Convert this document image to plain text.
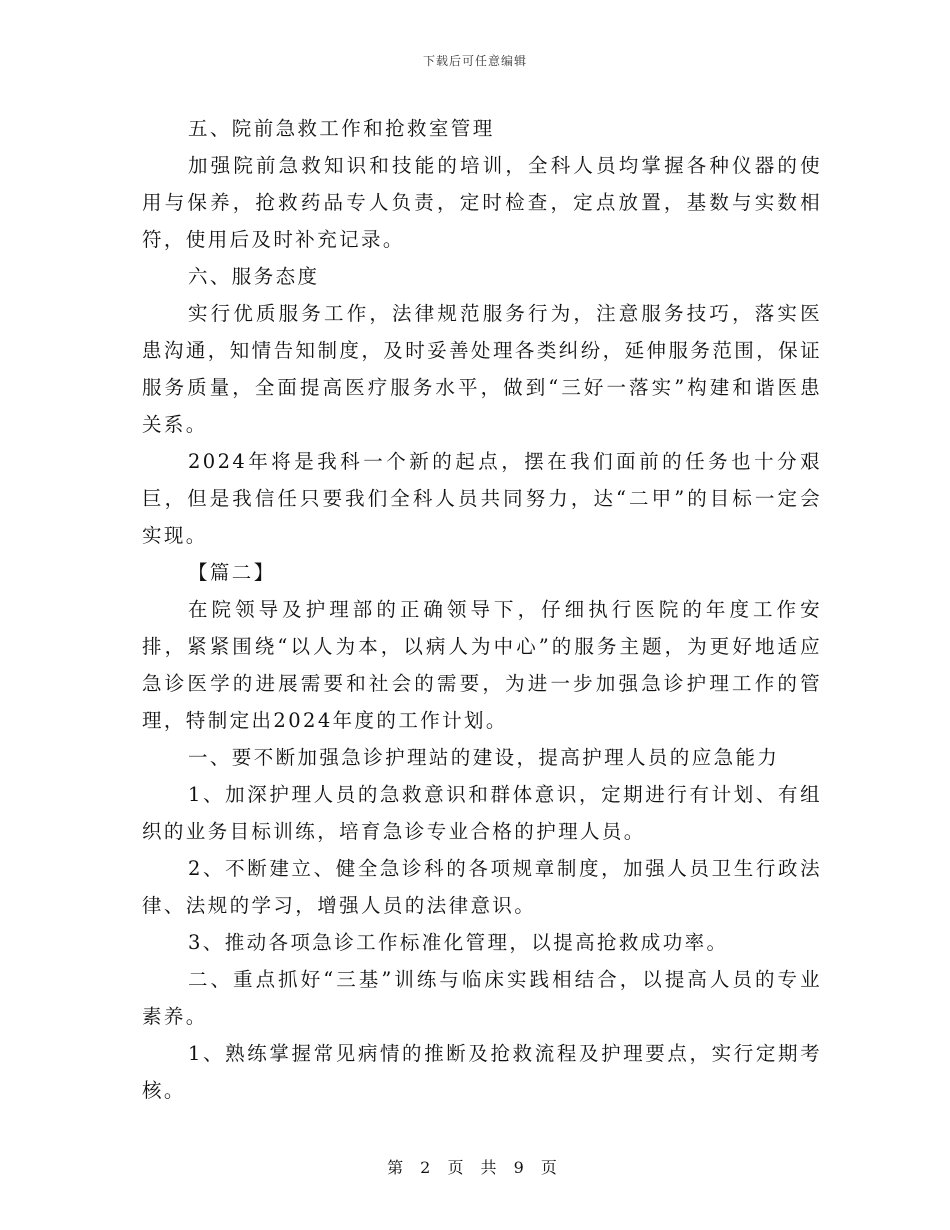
下载后可任意编辑

五、院前急救工作和抢救室管理

加强院前急救知识和技能的培训，全科人员均掌握各种仪器的使用与保养，抢救药品专人负责，定时检查，定点放置，基数与实数相符，使用后及时补充记录。

六、服务态度

实行优质服务工作，法律规范服务行为，注意服务技巧，落实医患沟通，知情告知制度，及时妥善处理各类纠纷，延伸服务范围，保证服务质量，全面提高医疗服务水平，做到“三好一落实”构建和谐医患关系。

2024年将是我科一个新的起点，摆在我们面前的任务也十分艰巨，但是我信任只要我们全科人员共同努力，达“二甲”的目标一定会实现。

【篇二】

在院领导及护理部的正确领导下，仔细执行医院的年度工作安排，紧紧围绕“以人为本，以病人为中心”的服务主题，为更好地适应急诊医学的进展需要和社会的需要，为进一步加强急诊护理工作的管理，特制定出2024年度的工作计划。

一、要不断加强急诊护理站的建设，提高护理人员的应急能力

1、加深护理人员的急救意识和群体意识，定期进行有计划、有组织的业务目标训练，培育急诊专业合格的护理人员。

2、不断建立、健全急诊科的各项规章制度，加强人员卫生行政法律、法规的学习，增强人员的法律意识。

3、推动各项急诊工作标准化管理，以提高抢救成功率。

二、重点抓好“三基”训练与临床实践相结合，以提高人员的专业素养。

1、熟练掌握常见病情的推断及抢救流程及护理要点，实行定期考核。

第 2 页 共 9 页
